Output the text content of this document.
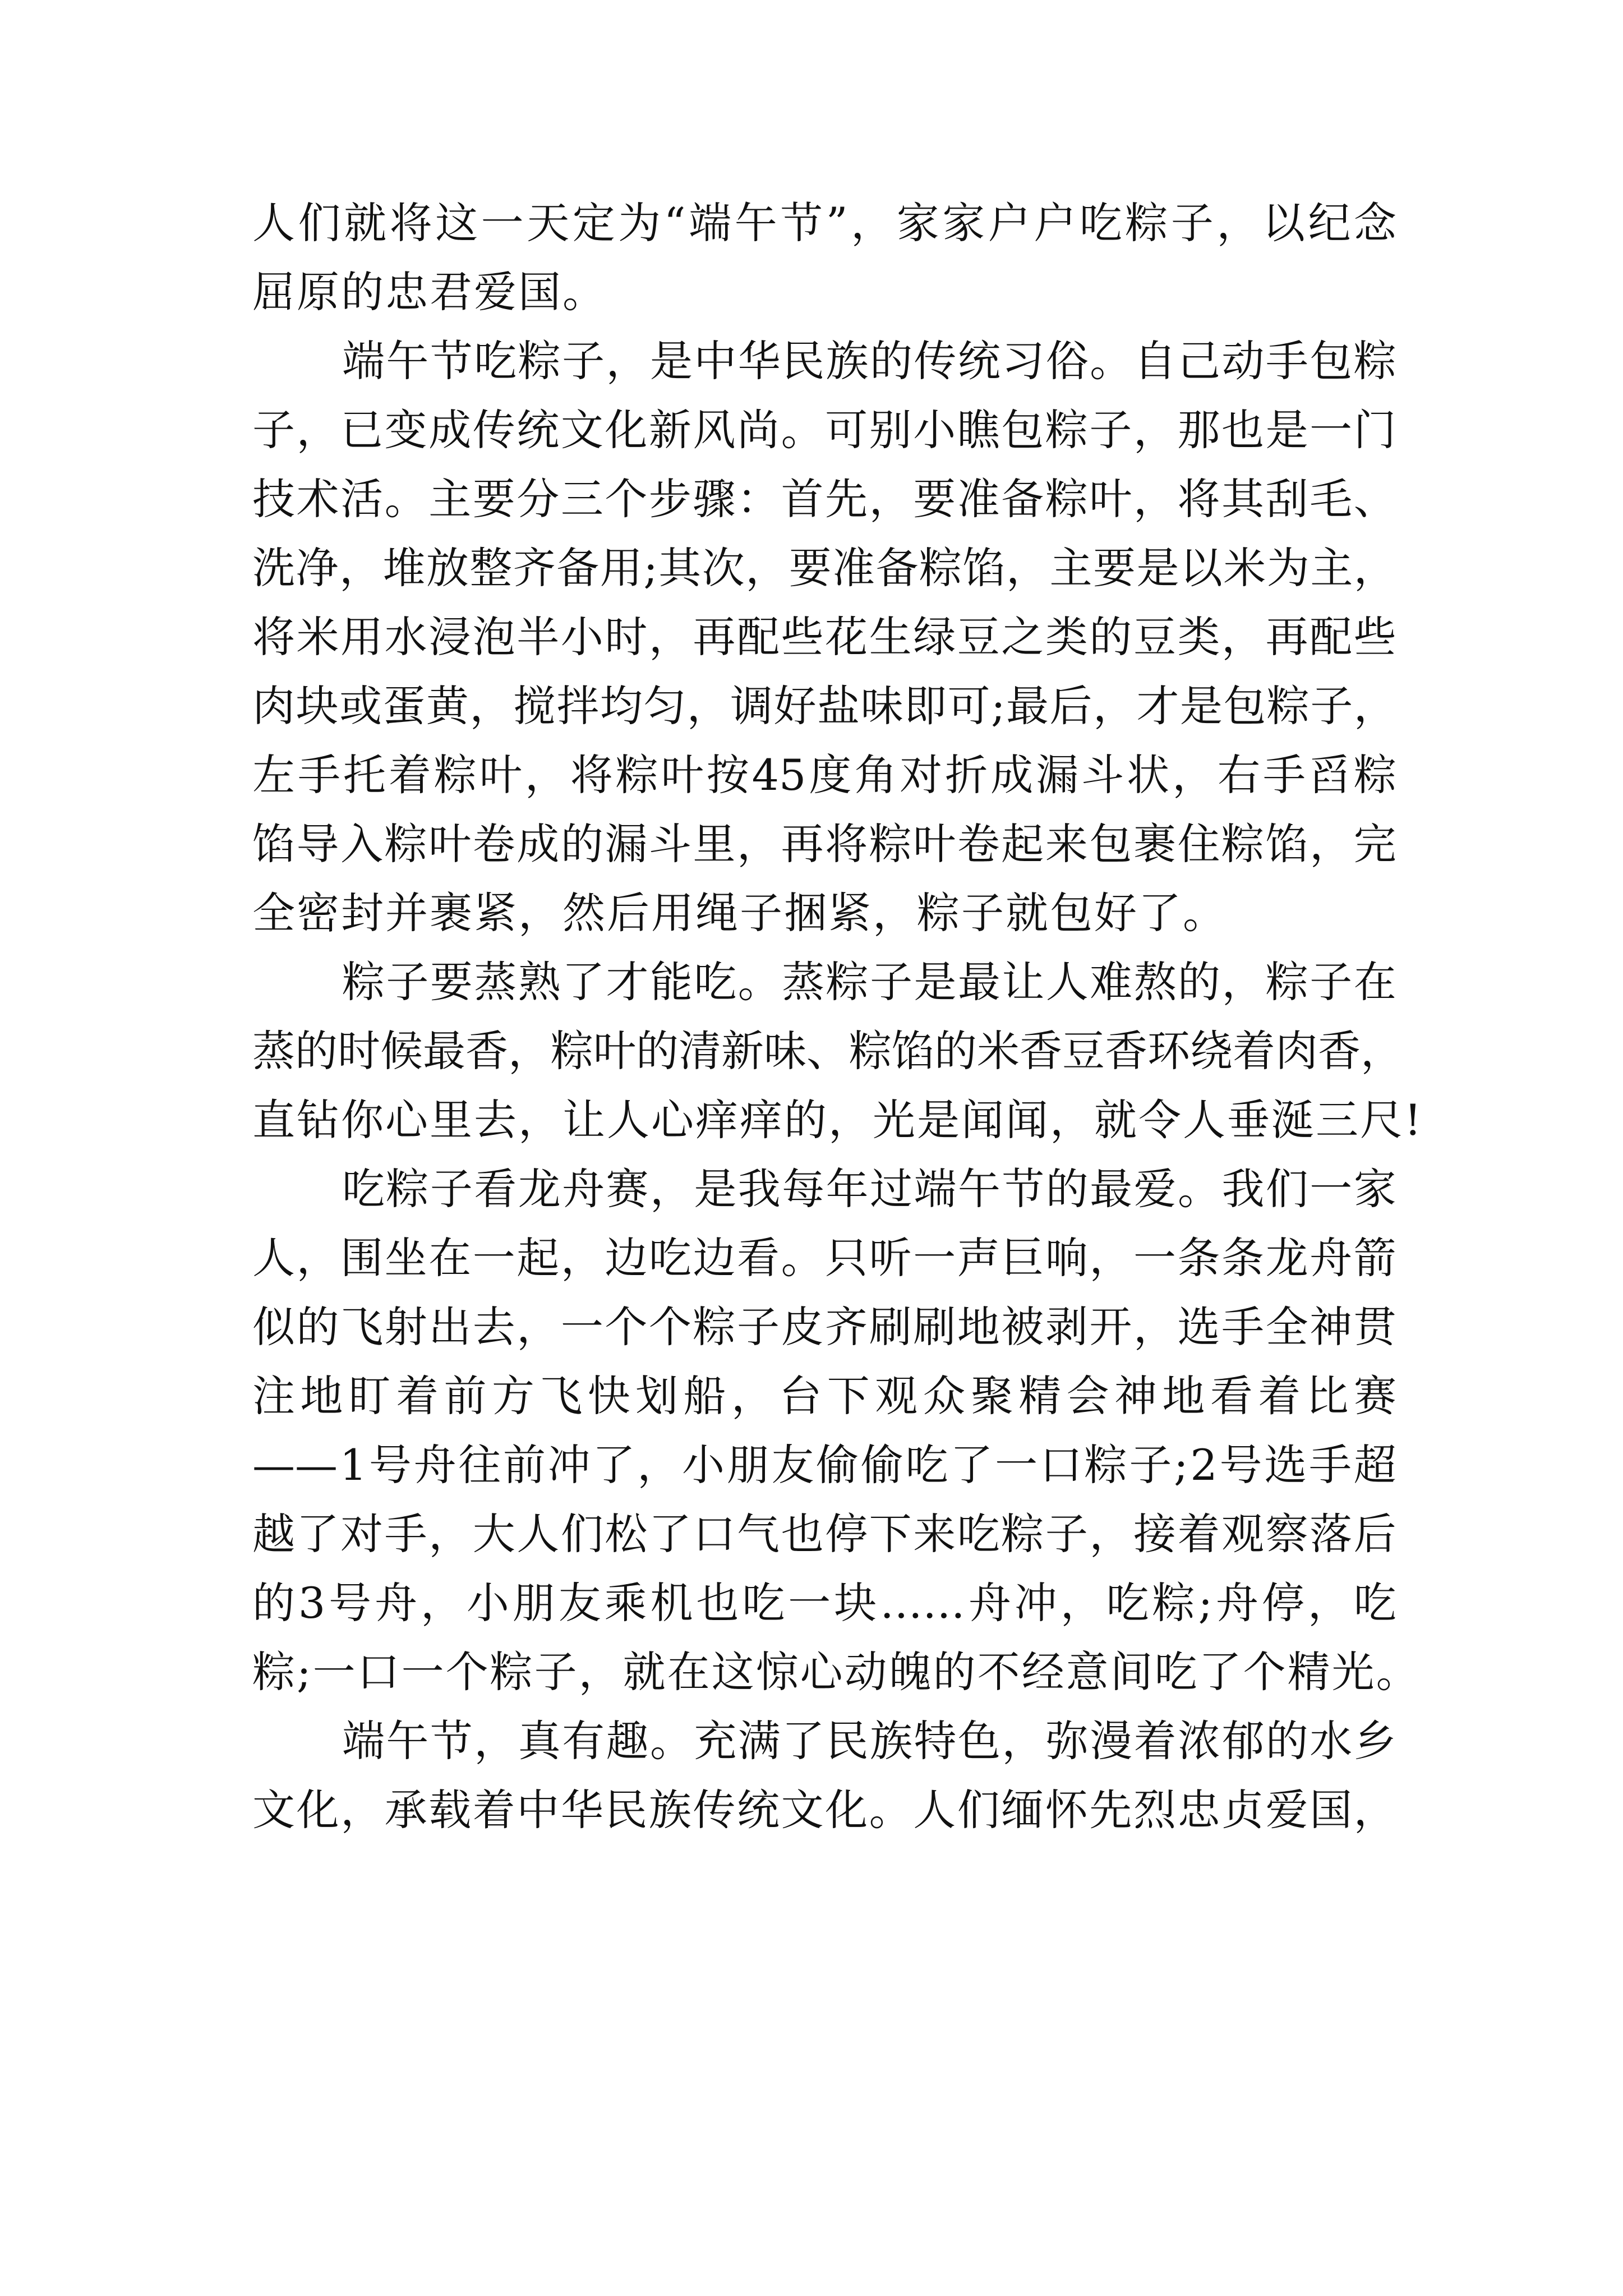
人 们 就 将 这 一 天 定 为 “ 端 午 节 ” ， 家 家 户 户 吃 粽 子 ， 以 纪 念
屈原的忠君爱国。
端 午 节 吃 粽 子 ， 是 中 华 民 族 的 传 统 习 俗 。 自 己 动 手 包 粽
子 ， 已 变 成 传 统 文 化 新 风 尚 。 可 别 小 瞧 包 粽 子 ， 那 也 是 一 门
技 术 活 。 主 要 分 三 个 步 骤 ： 首 先 ， 要 准 备 粽 叶 ， 将 其 刮 毛 、
洗 净 ， 堆 放 整 齐 备 用 ; 其 次 ， 要 准 备 粽 馅 ， 主 要 是 以 米 为 主 ，
将 米 用 水 浸 泡 半 小 时 ， 再 配 些 花 生 绿 豆 之 类 的 豆 类 ， 再 配 些
肉 块 或 蛋 黄 ， 搅 拌 均 匀 ， 调 好 盐 味 即 可 ; 最 后 ， 才 是 包 粽 子 ，
左 手 托 着 粽 叶 ， 将 粽 叶 按 45 度 角 对 折 成 漏 斗 状 ， 右 手 舀 粽
馅 导 入 粽 叶 卷 成 的 漏 斗 里 ， 再 将 粽 叶 卷 起 来 包 裹 住 粽 馅 ， 完
全密封并裹紧，然后用绳子捆紧，粽子就包好了。
粽 子 要 蒸 熟 了 才 能 吃 。 蒸 粽 子 是 最 让 人 难 熬 的 ， 粽 子 在
蒸 的 时 候 最 香 ， 粽 叶 的 清 新 味 、 粽 馅 的 米 香 豆 香 环 绕 着 肉 香 ，
直钻你心里去，让人心痒痒的，光是闻闻，就令人垂涎三尺!
吃 粽 子 看 龙 舟 赛 ， 是 我 每 年 过 端 午 节 的 最 爱 。 我 们 一 家
人 ， 围 坐 在 一 起 ， 边 吃 边 看 。 只 听 一 声 巨 响 ， 一 条 条 龙 舟 箭
似 的 飞 射 出 去 ， 一 个 个 粽 子 皮 齐 刷 刷 地 被 剥 开 ， 选 手 全 神 贯
注 地 盯 着 前 方 飞 快 划 船 ， 台 下 观 众 聚 精 会 神 地 看 着 比 赛
—— 1 号 舟 往 前 冲 了 ， 小 朋 友 偷 偷 吃 了 一 口 粽 子 ; 2 号 选 手 超
越 了 对 手 ， 大 人 们 松 了 口 气 也 停 下 来 吃 粽 子 ， 接 着 观 察 落 后
的 3 号 舟 ， 小 朋 友 乘 机 也 吃 一 块 …… 舟 冲 ， 吃 粽 ; 舟 停 ， 吃
粽;一口一个粽子，就在这惊心动魄的不经意间吃了个精光。
端 午 节 ， 真 有 趣 。 充 满 了 民 族 特 色 ， 弥 漫 着 浓 郁 的 水 乡
文 化 ， 承 载 着 中 华 民 族 传 统 文 化 。 人 们 缅 怀 先 烈 忠 贞 爱 国 ，
